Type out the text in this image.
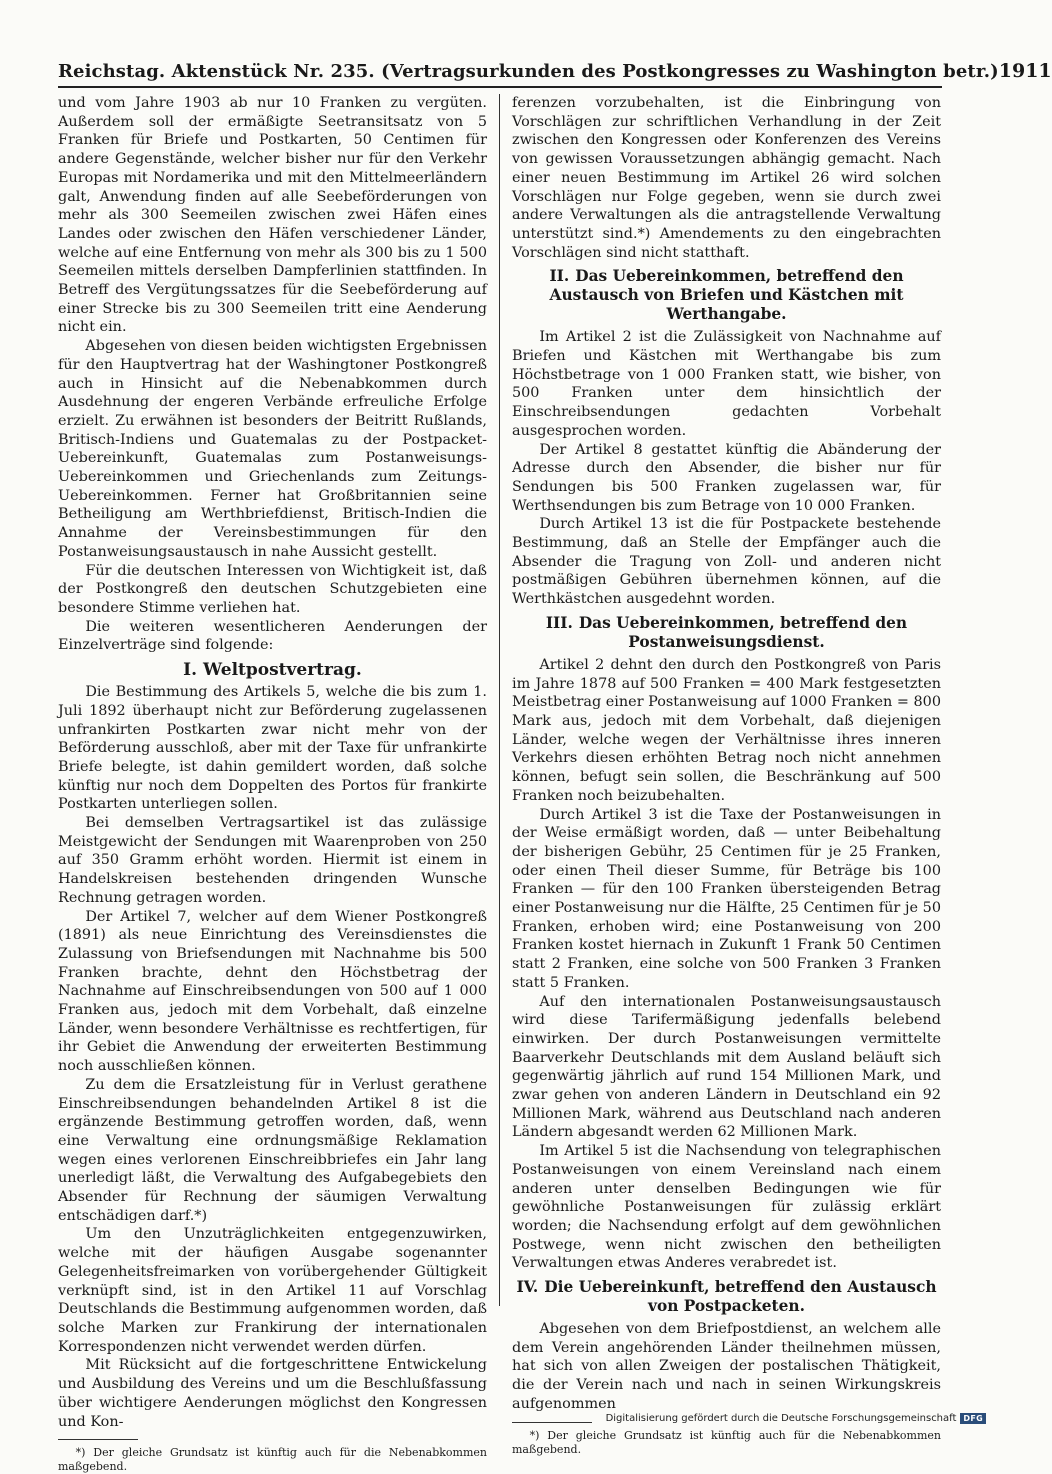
Reichstag. Aktenstück Nr. 235. (Vertragsurkunden des Postkongresses zu Washington betr.) 1911

und vom Jahre 1903 ab nur 10 Franken zu vergüten. Außerdem soll der ermäßigte Seetransitsatz von 5 Franken für Briefe und Postkarten, 50 Centimen für andere Gegenstände, welcher bisher nur für den Verkehr Europas mit Nordamerika und mit den Mittelmeerländern galt, Anwendung finden auf alle Seebeförderungen von mehr als 300 Seemeilen zwischen zwei Häfen eines Landes oder zwischen den Häfen verschiedener Länder, welche auf eine Entfernung von mehr als 300 bis zu 1 500 Seemeilen mittels derselben Dampferlinien stattfinden. In Betreff des Vergütungssatzes für die Seebeförderung auf einer Strecke bis zu 300 Seemeilen tritt eine Aenderung nicht ein.

Abgesehen von diesen beiden wichtigsten Ergebnissen für den Hauptvertrag hat der Washingtoner Postkongreß auch in Hinsicht auf die Nebenabkommen durch Ausdehnung der engeren Verbände erfreuliche Erfolge erzielt. Zu erwähnen ist besonders der Beitritt Rußlands, Britisch-Indiens und Guatemalas zu der Postpacket-Uebereinkunft, Guatemalas zum Postanweisungs-Uebereinkommen und Griechenlands zum Zeitungs-Uebereinkommen. Ferner hat Großbritannien seine Betheiligung am Werthbriefdienst, Britisch-Indien die Annahme der Vereinsbestimmungen für den Postanweisungsaustausch in nahe Aussicht gestellt.

Für die deutschen Interessen von Wichtigkeit ist, daß der Postkongreß den deutschen Schutzgebieten eine besondere Stimme verliehen hat.

Die weiteren wesentlicheren Aenderungen der Einzelverträge sind folgende:

I. Weltpostvertrag.

Die Bestimmung des Artikels 5, welche die bis zum 1. Juli 1892 überhaupt nicht zur Beförderung zugelassenen unfrankirten Postkarten zwar nicht mehr von der Beförderung ausschloß, aber mit der Taxe für unfrankirte Briefe belegte, ist dahin gemildert worden, daß solche künftig nur noch dem Doppelten des Portos für frankirte Postkarten unterliegen sollen.

Bei demselben Vertragsartikel ist das zulässige Meistgewicht der Sendungen mit Waarenproben von 250 auf 350 Gramm erhöht worden. Hiermit ist einem in Handelskreisen bestehenden dringenden Wunsche Rechnung getragen worden.

Der Artikel 7, welcher auf dem Wiener Postkongreß (1891) als neue Einrichtung des Vereinsdienstes die Zulassung von Briefsendungen mit Nachnahme bis 500 Franken brachte, dehnt den Höchstbetrag der Nachnahme auf Einschreibsendungen von 500 auf 1 000 Franken aus, jedoch mit dem Vorbehalt, daß einzelne Länder, wenn besondere Verhältnisse es rechtfertigen, für ihr Gebiet die Anwendung der erweiterten Bestimmung noch ausschließen können.

Zu dem die Ersatzleistung für in Verlust gerathene Einschreibsendungen behandelnden Artikel 8 ist die ergänzende Bestimmung getroffen worden, daß, wenn eine Verwaltung eine ordnungsmäßige Reklamation wegen eines verlorenen Einschreibbriefes ein Jahr lang unerledigt läßt, die Verwaltung des Aufgabegebiets den Absender für Rechnung der säumigen Verwaltung entschädigen darf.*)

Um den Unzuträglichkeiten entgegenzuwirken, welche mit der häufigen Ausgabe sogenannter Gelegenheitsfreimarken von vorübergehender Gültigkeit verknüpft sind, ist in den Artikel 11 auf Vorschlag Deutschlands die Bestimmung aufgenommen worden, daß solche Marken zur Frankirung der internationalen Korrespondenzen nicht verwendet werden dürfen.

Mit Rücksicht auf die fortgeschrittene Entwickelung und Ausbildung des Vereins und um die Beschlußfassung über wichtigere Aenderungen möglichst den Kongressen und Kon-

*) Der gleiche Grundsatz ist künftig auch für die Nebenabkommen maßgebend.

ferenzen vorzubehalten, ist die Einbringung von Vorschlägen zur schriftlichen Verhandlung in der Zeit zwischen den Kongressen oder Konferenzen des Vereins von gewissen Voraussetzungen abhängig gemacht. Nach einer neuen Bestimmung im Artikel 26 wird solchen Vorschlägen nur Folge gegeben, wenn sie durch zwei andere Verwaltungen als die antragstellende Verwaltung unterstützt sind.*) Amendements zu den eingebrachten Vorschlägen sind nicht statthaft.

II. Das Uebereinkommen, betreffend den Austausch von Briefen und Kästchen mit Werthangabe.

Im Artikel 2 ist die Zulässigkeit von Nachnahme auf Briefen und Kästchen mit Werthangabe bis zum Höchstbetrage von 1 000 Franken statt, wie bisher, von 500 Franken unter dem hinsichtlich der Einschreibsendungen gedachten Vorbehalt ausgesprochen worden.

Der Artikel 8 gestattet künftig die Abänderung der Adresse durch den Absender, die bisher nur für Sendungen bis 500 Franken zugelassen war, für Werthsendungen bis zum Betrage von 10 000 Franken.

Durch Artikel 13 ist die für Postpackete bestehende Bestimmung, daß an Stelle der Empfänger auch die Absender die Tragung von Zoll- und anderen nicht postmäßigen Gebühren übernehmen können, auf die Werthkästchen ausgedehnt worden.

III. Das Uebereinkommen, betreffend den Postanweisungsdienst.

Artikel 2 dehnt den durch den Postkongreß von Paris im Jahre 1878 auf 500 Franken = 400 Mark festgesetzten Meistbetrag einer Postanweisung auf 1000 Franken = 800 Mark aus, jedoch mit dem Vorbehalt, daß diejenigen Länder, welche wegen der Verhältnisse ihres inneren Verkehrs diesen erhöhten Betrag noch nicht annehmen können, befugt sein sollen, die Beschränkung auf 500 Franken noch beizubehalten.

Durch Artikel 3 ist die Taxe der Postanweisungen in der Weise ermäßigt worden, daß — unter Beibehaltung der bisherigen Gebühr, 25 Centimen für je 25 Franken, oder einen Theil dieser Summe, für Beträge bis 100 Franken — für den 100 Franken übersteigenden Betrag einer Postanweisung nur die Hälfte, 25 Centimen für je 50 Franken, erhoben wird; eine Postanweisung von 200 Franken kostet hiernach in Zukunft 1 Frank 50 Centimen statt 2 Franken, eine solche von 500 Franken 3 Franken statt 5 Franken.

Auf den internationalen Postanweisungsaustausch wird diese Tarifermäßigung jedenfalls belebend einwirken. Der durch Postanweisungen vermittelte Baarverkehr Deutschlands mit dem Ausland beläuft sich gegenwärtig jährlich auf rund 154 Millionen Mark, und zwar gehen von anderen Ländern in Deutschland ein 92 Millionen Mark, während aus Deutschland nach anderen Ländern abgesandt werden 62 Millionen Mark.

Im Artikel 5 ist die Nachsendung von telegraphischen Postanweisungen von einem Vereinsland nach einem anderen unter denselben Bedingungen wie für gewöhnliche Postanweisungen für zulässig erklärt worden; die Nachsendung erfolgt auf dem gewöhnlichen Postwege, wenn nicht zwischen den betheiligten Verwaltungen etwas Anderes verabredet ist.

IV. Die Uebereinkunft, betreffend den Austausch von Postpacketen.

Abgesehen von dem Briefpostdienst, an welchem alle dem Verein angehörenden Länder theilnehmen müssen, hat sich von allen Zweigen der postalischen Thätigkeit, die der Verein nach und nach in seinen Wirkungskreis aufgenommen

*) Der gleiche Grundsatz ist künftig auch für die Nebenabkommen maßgebend.
Digitalisierung gefördert durch die Deutsche Forschungsgemeinschaft DFG
